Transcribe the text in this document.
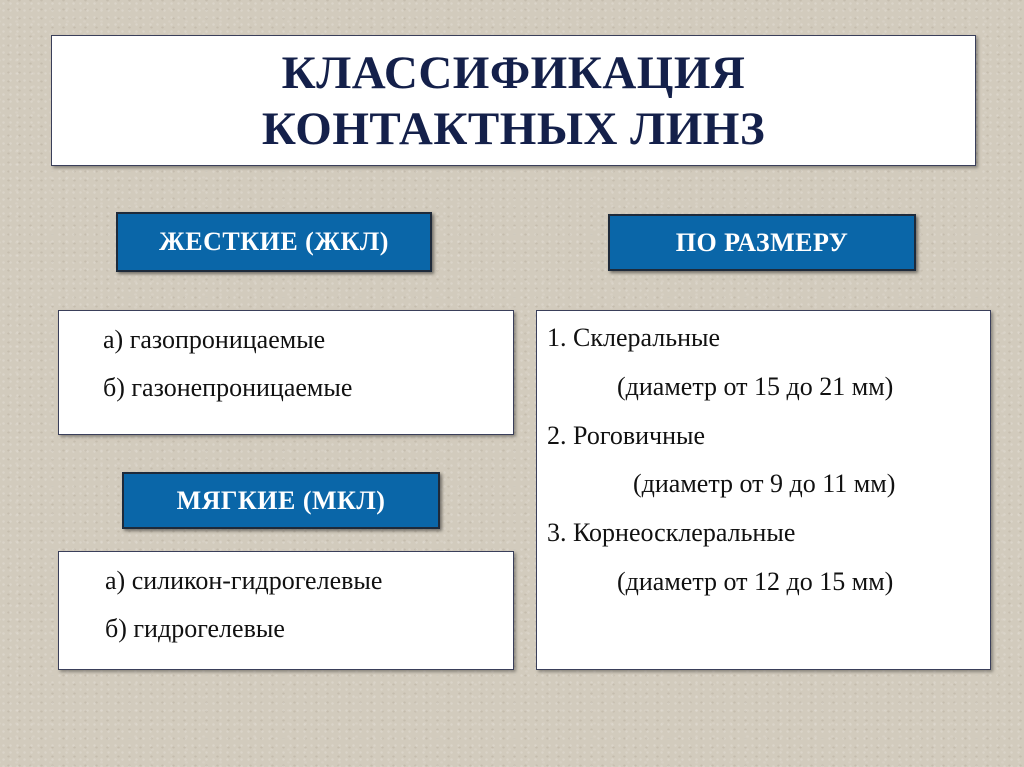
КЛАССИФИКАЦИЯ
КОНТАКТНЫХ ЛИНЗ
ЖЕСТКИЕ (ЖКЛ)	ПО РАЗМЕРУ
а) газопроницаемые
б) газонепроницаемые
МЯГКИЕ (МКЛ)
а) силикон-гидрогелевые
б) гидрогелевые
1. Склеральные
(диаметр от 15 до 21 мм)
2. Роговичные
(диаметр от 9 до 11 мм)
3. Корнеосклеральные
(диаметр от 12 до 15 мм)
